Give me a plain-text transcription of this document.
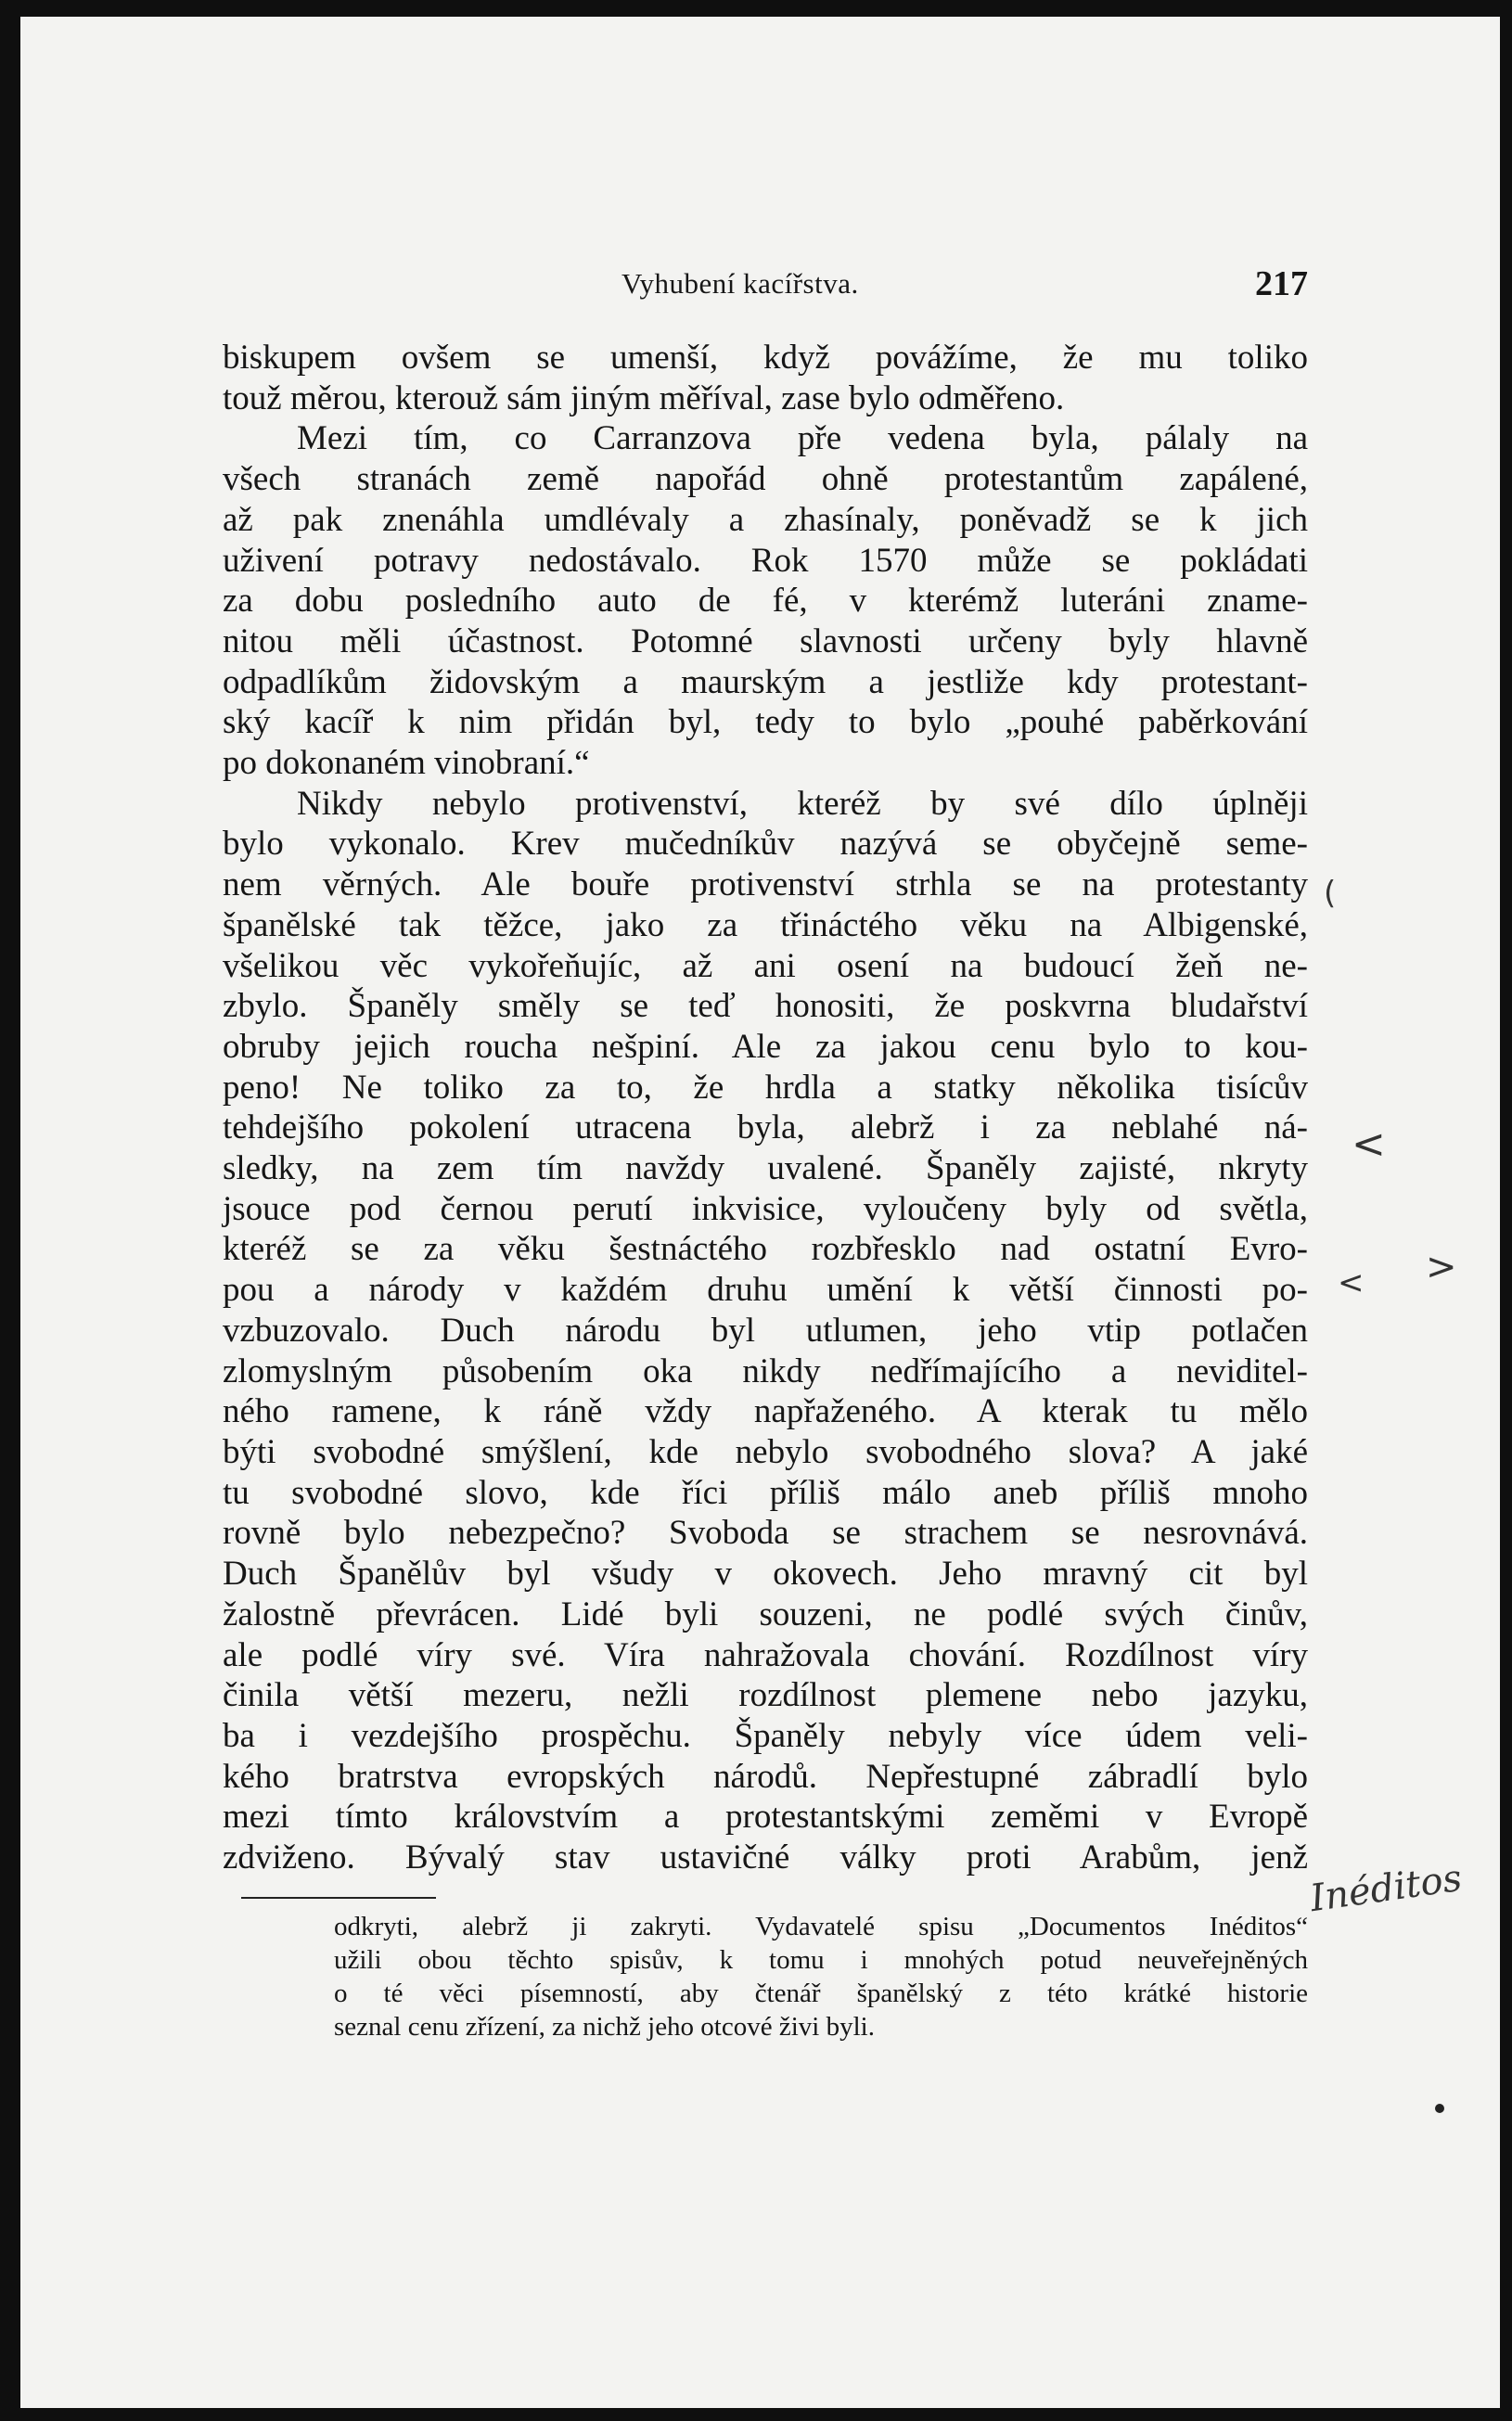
Vyhubení kacířstva.	217
biskupem ovšem se umenší, když povážíme, že mu toliko
touž měrou, kterouž sám jiným měříval, zase bylo odměřeno.
Mezi tím, co Carranzova pře vedena byla, pálaly na
všech stranách země napořád ohně protestantům zapálené,
až pak znenáhla umdlévaly a zhasínaly, poněvadž se k jich
uživení potravy nedostávalo. Rok 1570 může se pokládati
za dobu posledního auto de fé, v kterémž luteráni zname-
nitou měli účastnost. Potomné slavnosti určeny byly hlavně
odpadlíkům židovským a maurským a jestliže kdy protestant-
ský kacíř k nim přidán byl, tedy to bylo „pouhé paběrkování
po dokonaném vinobraní.“
Nikdy nebylo protivenství, kteréž by své dílo úplněji
bylo vykonalo. Krev mučedníkův nazývá se obyčejně seme-
nem věrných. Ale bouře protivenství strhla se na protestanty
španělské tak těžce, jako za třináctého věku na Albigenské,
všelikou věc vykořeňujíc, až ani osení na budoucí žeň ne-
zbylo. Španěly směly se teď honositi, že poskvrna bludařství
obruby jejich roucha nešpiní. Ale za jakou cenu bylo to kou-
peno! Ne toliko za to, že hrdla a statky několika tisícův
tehdejšího pokolení utracena byla, alebrž i za neblahé ná-
sledky, na zem tím navždy uvalené. Španěly zajisté, nkryty
jsouce pod černou perutí inkvisice, vyloučeny byly od světla,
kteréž se za věku šestnáctého rozbřesklo nad ostatní Evro-
pou a národy v každém druhu umění k větší činnosti po-
vzbuzovalo. Duch národu byl utlumen, jeho vtip potlačen
zlomyslným působením oka nikdy nedřímajícího a neviditel-
ného ramene, k ráně vždy napřaženého. A kterak tu mělo
býti svobodné smýšlení, kde nebylo svobodného slova? A jaké
tu svobodné slovo, kde říci příliš málo aneb příliš mnoho
rovně bylo nebezpečno? Svoboda se strachem se nesrovnává.
Duch Španělův byl všudy v okovech. Jeho mravný cit byl
žalostně převrácen. Lidé byli souzeni, ne podlé svých činův,
ale podlé víry své. Víra nahražovala chování. Rozdílnost víry
činila větší mezeru, nežli rozdílnost plemene nebo jazyku,
ba i vezdejšího prospěchu. Španěly nebyly více údem veli-
kého bratrstva evropských národů. Nepřestupné zábradlí bylo
mezi tímto královstvím a protestantskými zeměmi v Evropě
zdviženo. Bývalý stav ustavičné války proti Arabům, jenž
odkryti, alebrž ji zakryti. Vydavatelé spisu „Documentos Inéditos“
užili obou těchto spisův, k tomu i mnohých potud neuveřejněných
o té věci písemností, aby čtenář španělský z této krátké historie
seznal cenu zřízení, za nichž jeho otcové živi byli.
(
<
< >
Inéditos
